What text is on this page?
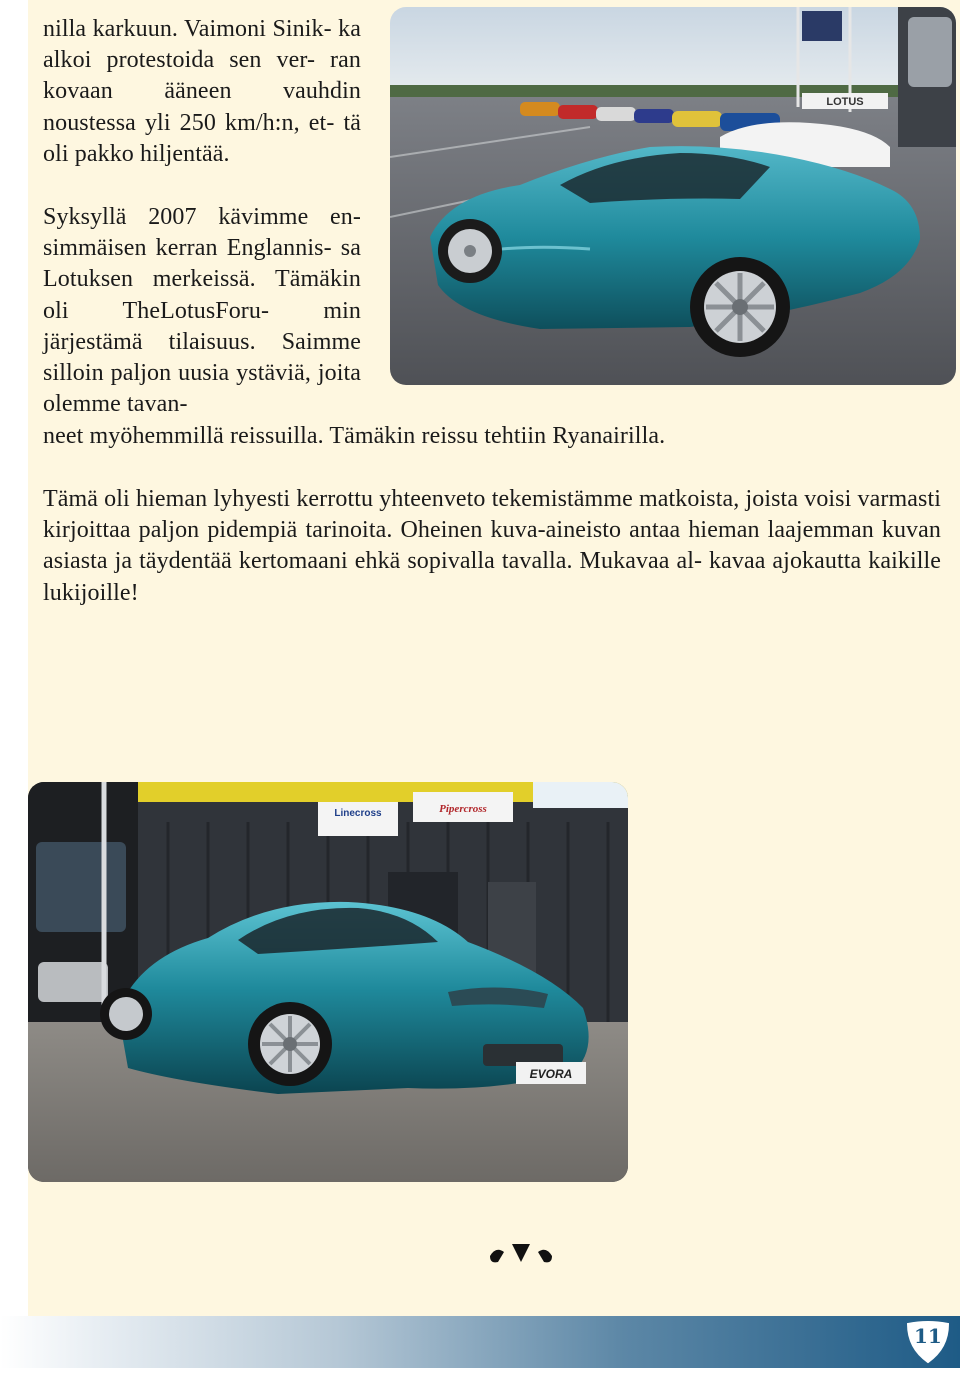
nilla karkuun. Vaimoni Sinik- ka alkoi protestoida sen ver- ran kovaan ääneen vauhdin noustessa yli 250 km/h:n, et- tä oli pakko hiljentää.

Syksyllä 2007 kävimme en- simmäisen kerran Englannis- sa Lotuksen merkeissä. Tämäkin oli TheLotusForu- min järjestämä tilaisuus. Saimme silloin paljon uusia ystäviä, joita olemme tavan-

neet myöhemmillä reissuilla. Tämäkin reissu tehtiin Ryanairilla.

Tämä oli hieman lyhyesti kerrottu yhteenveto tekemistämme matkoista, joista voisi varmasti kirjoittaa paljon pidempiä tarinoita. Oheinen kuva-aineisto antaa hieman laajemman kuvan asiasta ja täydentää kertomaani ehkä sopivalla tavalla. Mukavaa al- kavaa ajokautta kaikille lukijoille!

LOTUS
Linecross	Pipercross
EVORA
11
